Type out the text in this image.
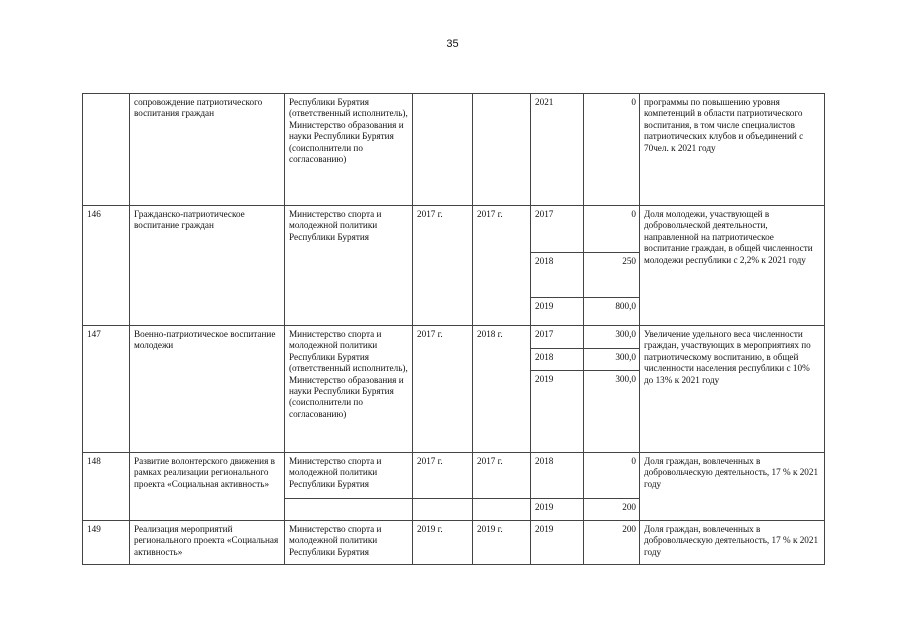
35
	сопровождение патриотического воспитания граждан	Республики Бурятия (ответственный исполнитель), Министерство образования и науки Республики Бурятия (соисполнители по согласованию)			2021	0	программы по повышению уровня компетенций в области патриотического воспитания, в том числе специалистов патриотических клубов и объединений с 70чел. к 2021 году
146	Гражданско-патриотическое воспитание граждан	Министерство спорта и молодежной политики Республики Бурятия	2017 г.	2017 г.	2017	0	Доля молодежи, участвующей в добровольческой деятельности, направленной на патриотическое воспитание граждан, в общей численности молодежи республики с 2,2% к 2021 году
					2018	250	
					2019	800,0	
147	Военно-патриотическое воспитание молодежи	Министерство спорта и молодежной политики Республики Бурятия (ответственный исполнитель), Министерство образования и науки Республики Бурятия (соисполнители по согласованию)	2017 г.	2018 г.	2017	300,0	Увеличение удельного веса численности граждан, участвующих в мероприятиях по патриотическому воспитанию, в общей численности населения республики с 10% до 13% к 2021 году
					2018	300,0	
					2019	300,0	
148	Развитие волонтерского движения в рамках реализации регионального проекта «Социальная активность»	Министерство спорта и молодежной политики Республики Бурятия	2017 г.	2017 г.	2018	0	Доля граждан, вовлеченных в добровольческую деятельность, 17 % к 2021 году
					2019	200	
149	Реализация мероприятий регионального проекта «Социальная активность»	Министерство спорта и молодежной политики Республики Бурятия	2019 г.	2019 г.	2019	200	Доля граждан, вовлеченных в добровольческую деятельность, 17 % к 2021 году
